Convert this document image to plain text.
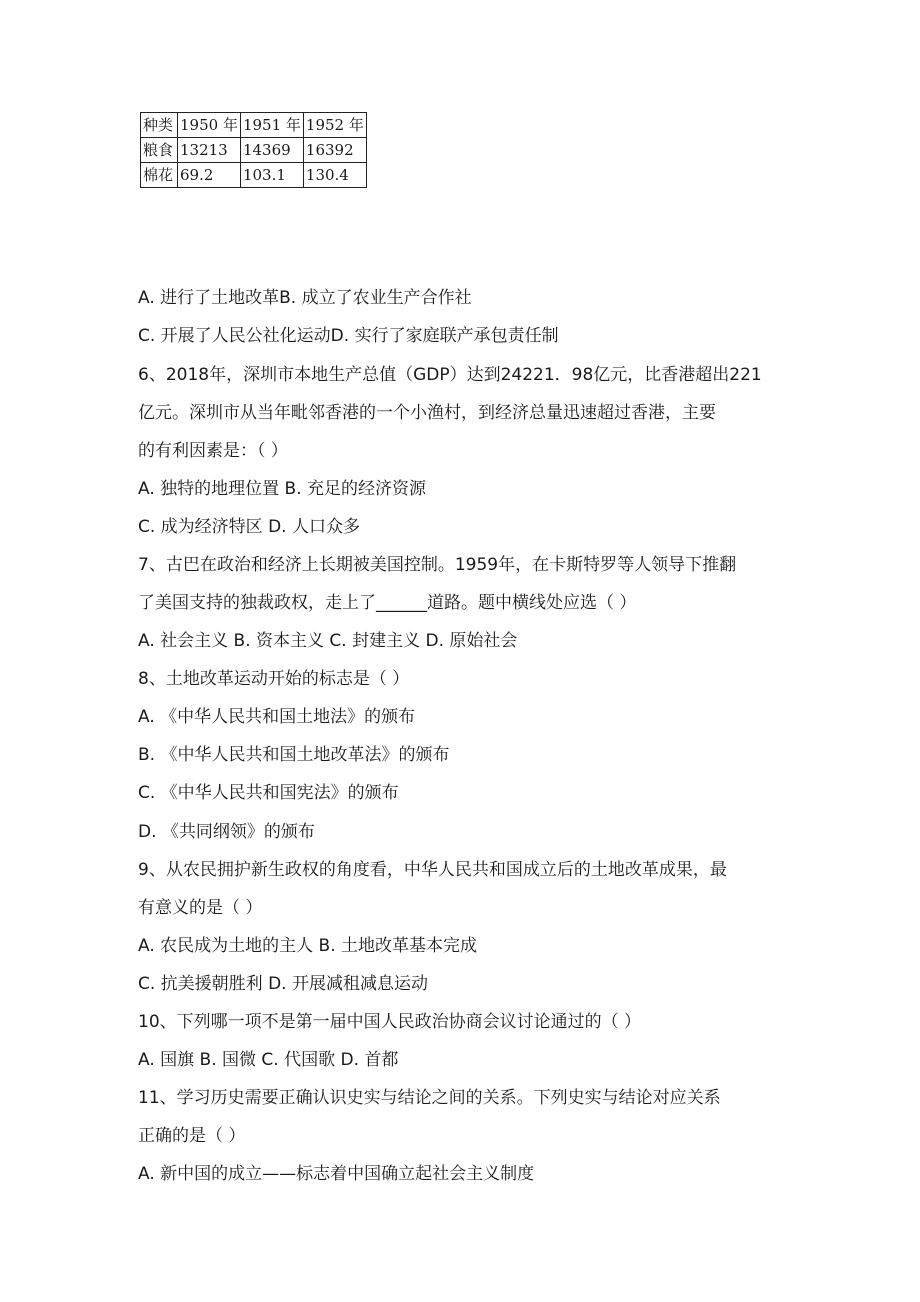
种类	1950 年	1951 年	1952 年
粮食	13213	14369	16392
棉花	69.2	103.1	130.4
A. 进行了土地改革B. 成立了农业生产合作社
C. 开展了人民公社化运动D. 实行了家庭联产承包责任制
6、2018年，深圳市本地生产总值（GDP）达到24221．98亿元，比香港超出221
亿元。深圳市从当年毗邻香港的一个小渔村，到经济总量迅速超过香港，主要
的有利因素是：（ ）
A. 独特的地理位置 B. 充足的经济资源
C. 成为经济特区 D. 人口众多
7、古巴在政治和经济上长期被美国控制。1959年，在卡斯特罗等人领导下推翻
了美国支持的独裁政权，走上了______道路。题中横线处应选（ ）
A. 社会主义 B. 资本主义 C. 封建主义 D. 原始社会
8、土地改革运动开始的标志是（ ）
A. 《中华人民共和国土地法》的颁布
B. 《中华人民共和国土地改革法》的颁布
C. 《中华人民共和国宪法》的颁布
D. 《共同纲领》的颁布
9、从农民拥护新生政权的角度看，中华人民共和国成立后的土地改革成果，最
有意义的是（ ）
A. 农民成为土地的主人 B. 土地改革基本完成
C. 抗美援朝胜利 D. 开展减租减息运动
10、下列哪一项不是第一届中国人民政治协商会议讨论通过的（ ）
A. 国旗 B. 国微 C. 代国歌 D. 首都
11、学习历史需要正确认识史实与结论之间的关系。下列史实与结论对应关系
正确的是（ ）
A. 新中国的成立——标志着中国确立起社会主义制度
